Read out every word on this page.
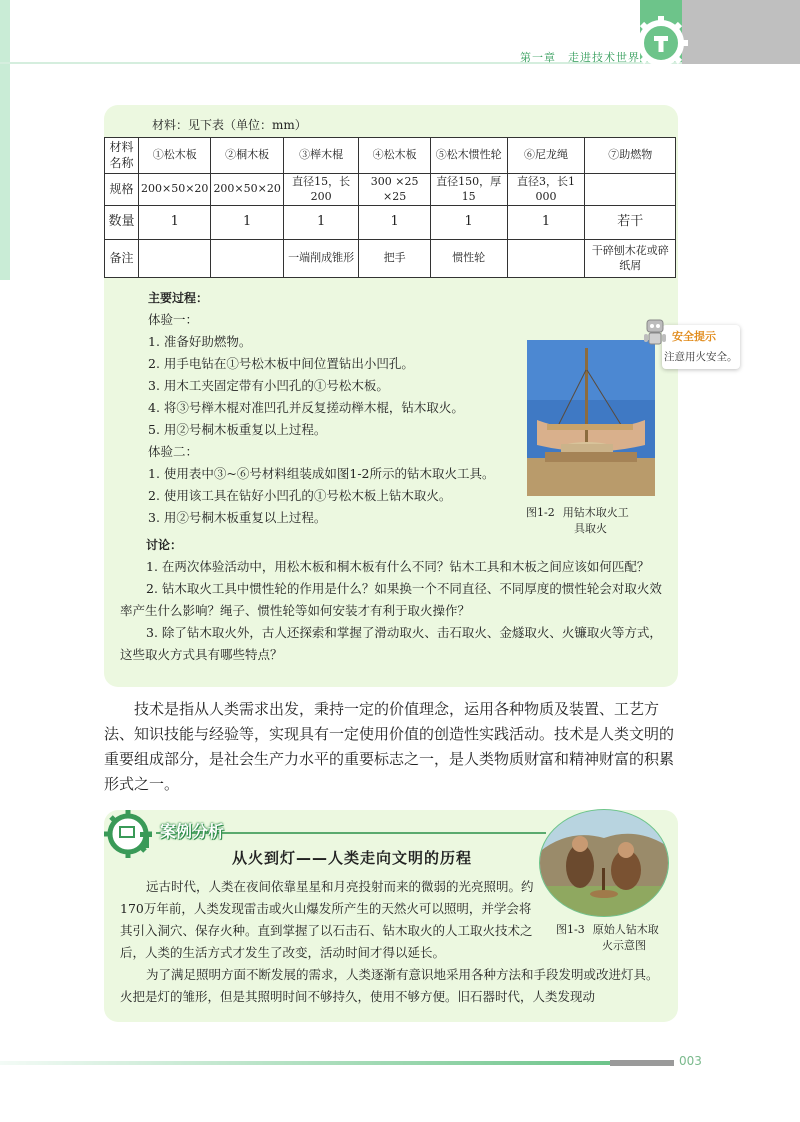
第一章　走进技术世界
材料：见下表（单位：mm）
材料名称	①松木板	②桐木板	③榉木棍	④松木板	⑤松木惯性轮	⑥尼龙绳	⑦助燃物
规格	200×50×20	200×50×20	直径15，长200	300 ×25 ×25	直径150，厚15	直径3，长1 000	
数量	1	1	1	1	1	1	若干
备注			一端削成锥形	把手	惯性轮		干碎刨木花或碎纸屑
主要过程：
体验一：
1. 准备好助燃物。
2. 用手电钻在①号松木板中间位置钻出小凹孔。
3. 用木工夹固定带有小凹孔的①号松木板。
4. 将③号榉木棍对准凹孔并反复搓动榉木棍，钻木取火。
5. 用②号桐木板重复以上过程。
体验二：
1. 使用表中③~⑥号材料组装成如图1-2所示的钻木取火工具。
2. 使用该工具在钻好小凹孔的①号松木板上钻木取火。
3. 用②号桐木板重复以上过程。	图1-2 用钻木取火工
具取火
安全提示
注意用火安全。
讨论：

1. 在两次体验活动中，用松木板和桐木板有什么不同？钻木工具和木板之间应该如何匹配？

2. 钻木取火工具中惯性轮的作用是什么？如果换一个不同直径、不同厚度的惯性轮会对取火效率产生什么影响？绳子、惯性轮等如何安装才有利于取火操作？

3. 除了钻木取火外，古人还探索和掌握了滑动取火、击石取火、金燧取火、火镰取火等方式，这些取火方式具有哪些特点？

技术是指从人类需求出发，秉持一定的价值理念，运用各种物质及装置、工艺方法、知识技能与经验等，实现具有一定使用价值的创造性实践活动。技术是人类文明的重要组成部分，是社会生产力水平的重要标志之一，是人类物质财富和精神财富的积累形式之一。

案例分析
从火到灯——人类走向文明的历程

远古时代，人类在夜间依靠星星和月亮投射而来的微弱的光亮照明。约170万年前，人类发现雷击或火山爆发所产生的天然火可以照明，并学会将其引入洞穴、保存火种。直到掌握了以石击石、钻木取火的人工取火技术之后，人类的生活方式才发生了改变，活动时间才得以延长。

为了满足照明方面不断发展的需求，人类逐渐有意识地采用各种方法和手段发明或改进灯具。火把是灯的雏形，但是其照明时间不够持久，使用不够方便。旧石器时代，人类发现动

图1-3 原始人钻木取
火示意图
003
